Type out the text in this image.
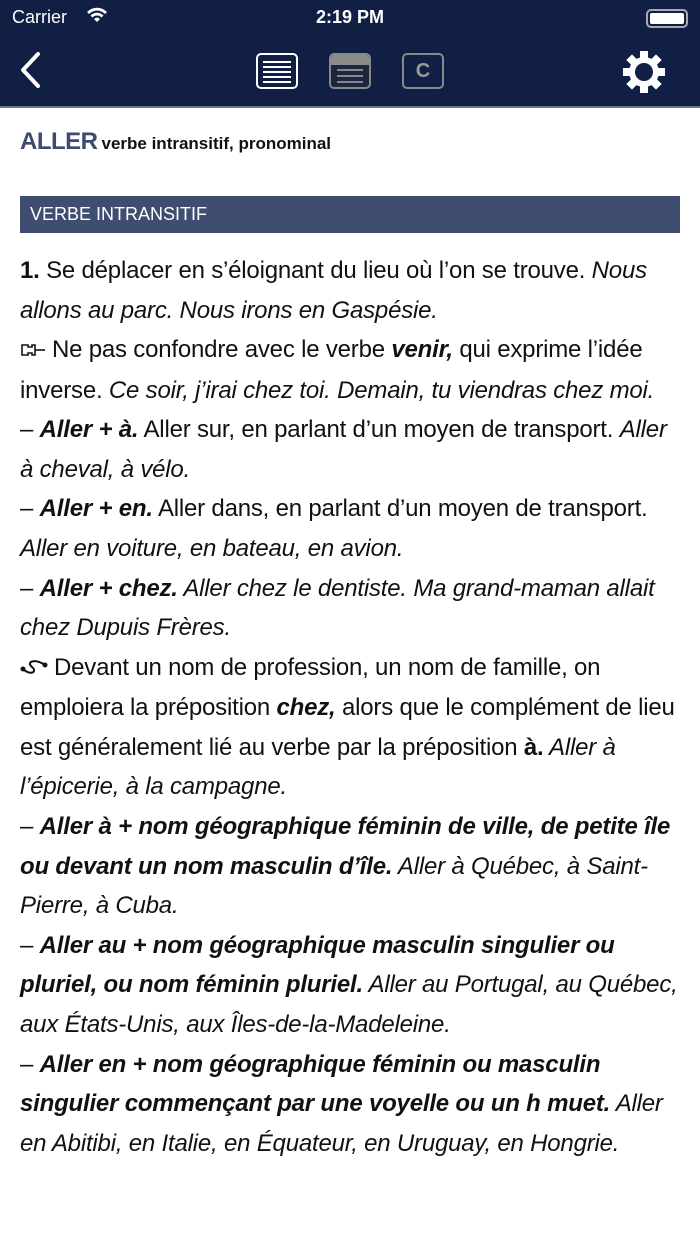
Carrier	2:19 PM
C
ALLER verbe intransitif, pronominal
VERBE INTRANSITIF
1. Se déplacer en s’éloignant du lieu où l’on se trouve. Nous allons au parc. Nous irons en Gaspésie.
Ne pas confondre avec le verbe venir, qui exprime l’idée inverse. Ce soir, j’irai chez toi. Demain, tu viendras chez moi.
– Aller + à. Aller sur, en parlant d’un moyen de transport. Aller à cheval, à vélo.
– Aller + en. Aller dans, en parlant d’un moyen de transport. Aller en voiture, en bateau, en avion.
– Aller + chez. Aller chez le dentiste. Ma grand-maman allait chez Dupuis Frères.
Devant un nom de profession, un nom de famille, on emploiera la préposition chez, alors que le complément de lieu est généralement lié au verbe par la préposition à. Aller à l’épicerie, à la campagne.
– Aller à + nom géographique féminin de ville, de petite île ou devant un nom masculin d’île. Aller à Québec, à Saint-Pierre, à Cuba.
– Aller au + nom géographique masculin singulier ou pluriel, ou nom féminin pluriel. Aller au Portugal, au Québec, aux États-Unis, aux Îles-de-la-Madeleine.
– Aller en + nom géographique féminin ou masculin singulier commençant par une voyelle ou un h muet. Aller en Abitibi, en Italie, en Équateur, en Uruguay, en Hongrie.
